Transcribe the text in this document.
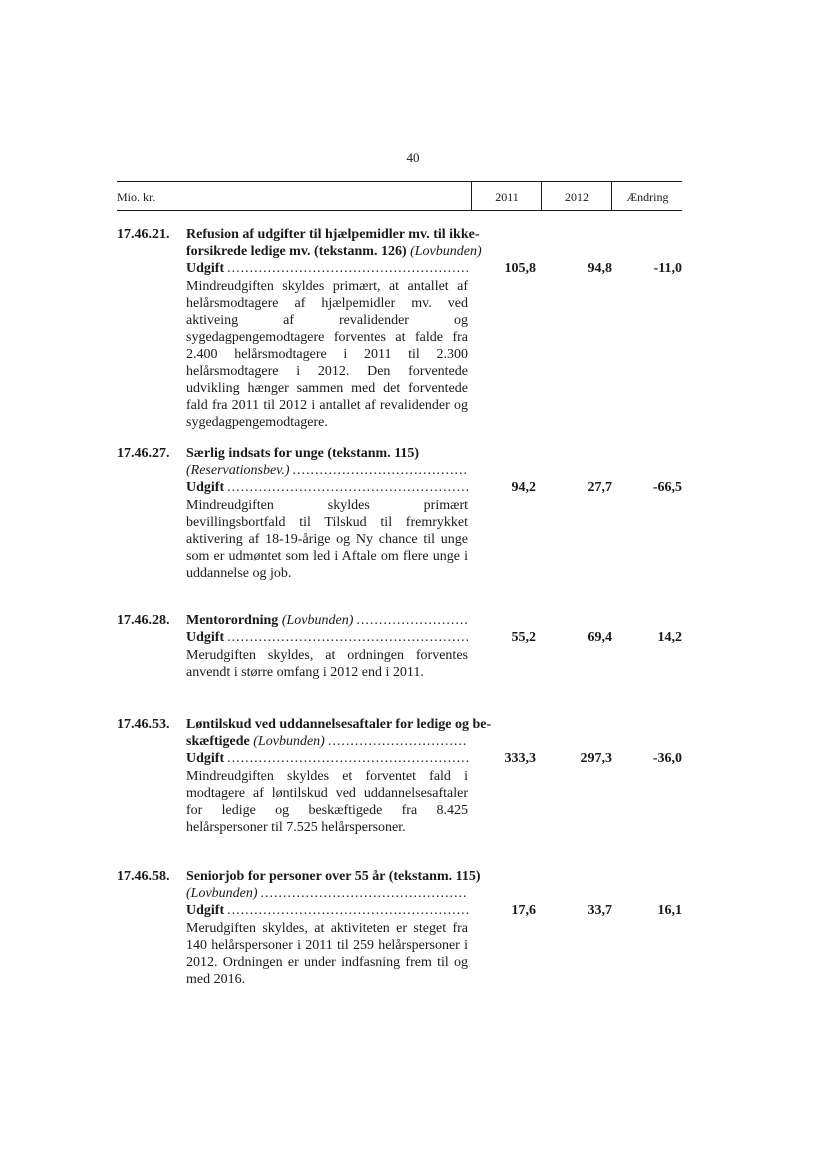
40
Mio. kr.	2011	2012	Ændring
17.46.21. Refusion af udgifter til hjælpemidler mv. til ikke-
forsikrede ledige mv. (tekstanm. 126) (Lovbunden)
Udgift
.....
Mindreudgiften skyldes primært, at antallet af helårsmodtagere af hjælpemidler mv. ved aktiveing af revalidender og sygedagpengemodtagere forventes at falde fra 2.400 helårsmodtagere i 2011 til 2.300 helårsmodtagere i 2012. Den forventede udvikling hænger sammen med det forventede fald fra 2011 til 2012 i antallet af revalidender og sygedagpengemodtagere.
105,8	94,8	-11,0
17.46.27. Særlig indsats for unge (tekstanm. 115)
(Reservationsbev.)
.....
Udgift
.....
Mindreudgiften skyldes primært bevillingsbortfald til Tilskud til fremrykket aktivering af 18-19-årige og Ny chance til unge som er udmøntet som led i Aftale om flere unge i uddannelse og job.
94,2	27,7	-66,5
17.46.28. Mentorordning (Lovbunden)
.....
Udgift
.....
Merudgiften skyldes, at ordningen forventes anvendt i større omfang i 2012 end i 2011.
55,2	69,4	14,2
17.46.53. Løntilskud ved uddannelsesaftaler for ledige og be-
skæftigede (Lovbunden)
.....
Udgift
.....
Mindreudgiften skyldes et forventet fald i modtagere af løntilskud ved uddannelsesaftaler for ledige og beskæftigede fra 8.425 helårspersoner til 7.525 helårspersoner.
333,3	297,3	-36,0
17.46.58. Seniorjob for personer over 55 år (tekstanm. 115)
(Lovbunden)
.....
Udgift
.....
Merudgiften skyldes, at aktiviteten er steget fra 140 helårspersoner i 2011 til 259 helårspersoner i 2012. Ordningen er under indfasning frem til og med 2016.
17,6	33,7	16,1
